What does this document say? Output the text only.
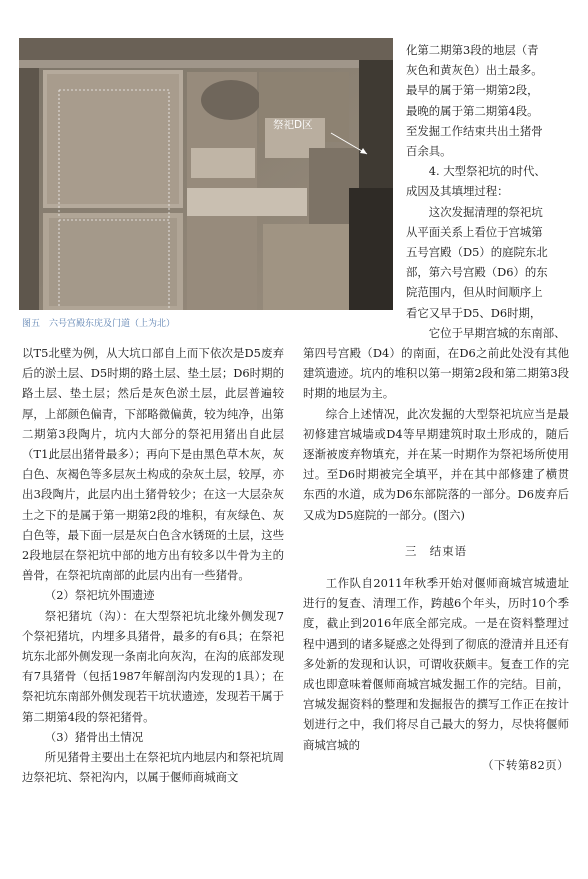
祭祀D区
图五　六号宫殿东庑及门道（上为北）

化第二期第3段的地层（青

灰色和黄灰色）出土最多。

最早的属于第一期第2段，

最晚的属于第二期第4段。

至发掘工作结束共出土猪骨

百余具。

4. 大型祭祀坑的时代、

成因及其填埋过程：

这次发掘清理的祭祀坑

从平面关系上看位于宫城第

五号宫殿（D5）的庭院东北

部，第六号宫殿（D6）的东

院范围内，但从时间顺序上

看它又早于D5、D6时期，

它位于早期宫城的东南部、

以T5北壁为例，从大坑口部自上而下依次是D5废弃后的淤土层、D5时期的路土层、垫土层；D6时期的路土层、垫土层；然后是灰色淤土层，此层普遍较厚，上部颜色偏青，下部略微偏黄，较为纯净，出第二期第3段陶片，坑内大部分的祭祀用猪出自此层（T1此层出猪骨最多）；再向下是由黑色草木灰，灰白色、灰褐色等多层灰土构成的杂灰土层，较厚，亦出3段陶片，此层内出土猪骨较少；在这一大层杂灰土之下的是属于第一期第2段的堆积，有灰绿色、灰白色等，最下面一层是灰白色含水锈斑的土层，这些2段地层在祭祀坑中部的地方出有较多以牛骨为主的兽骨，在祭祀坑南部的此层内出有一些猪骨。

（2）祭祀坑外围遗迹

祭祀猪坑（沟）：在大型祭祀坑北缘外侧发现7个祭祀猪坑，内埋多具猪骨，最多的有6具；在祭祀坑东北部外侧发现一条南北向灰沟，在沟的底部发现有7具猪骨（包括1987年解剖沟内发现的1具）；在祭祀坑东南部外侧发现若干坑状遗迹，发现若干属于第二期第4段的祭祀猪骨。

（3）猪骨出土情况

所见猪骨主要出土在祭祀坑内地层内和祭祀坑周边祭祀坑、祭祀沟内，以属于偃师商城商文

第四号宫殿（D4）的南面，在D6之前此处没有其他建筑遗迹。坑内的堆积以第一期第2段和第二期第3段时期的地层为主。

综合上述情况，此次发掘的大型祭祀坑应当是最初修建宫城墙或D4等早期建筑时取土形成的，随后逐渐被废弃物填充，并在某一时期作为祭祀场所使用过。至D6时期被完全填平，并在其中部修建了横贯东西的水道，成为D6东部院落的一部分。D6废弃后又成为D5庭院的一部分。(图六)

三　结束语

工作队自2011年秋季开始对偃师商城宫城遗址进行的复查、清理工作，跨越6个年头，历时10个季度，截止到2016年底全部完成。一是在资料整理过程中遇到的诸多疑惑之处得到了彻底的澄清并且还有多处新的发现和认识，可谓收获颇丰。复查工作的完成也即意味着偃师商城宫城发掘工作的完结。目前，宫城发掘资料的整理和发掘报告的撰写工作正在按计划进行之中，我们将尽自己最大的努力，尽快将偃师商城宫城的

（下转第82页）
